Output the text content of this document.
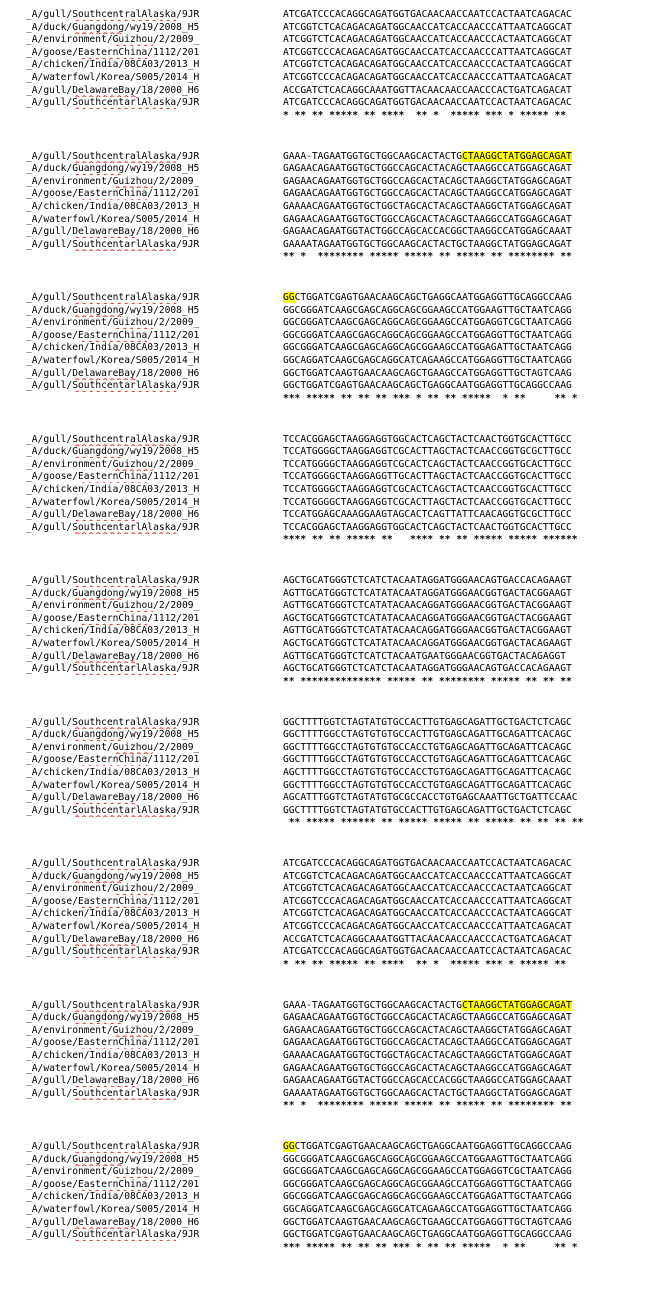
_A/gull/SouthcentralAlaska/9JR	ATCGATCCCACAGGCAGATGGTGACAACAACCAATCCACTAATCAGACAC
_A/duck/Guangdong/wy19/2008_H5	ATCGGTCTCACAGACAGATGGCAACCATCACCAACCCATTAATCAGGCAT
_A/environment/Guizhou/2/2009_	ATCGGTCTCACAGACAGATGGCAACCATCACCAACCCACTAATCAGGCAT
_A/goose/EasternChina/1112/201	ATCGGTCCCACAGACAGATGGCAACCATCACCAACCCATTAATCAGGCAT
_A/chicken/India/08CA03/2013_H	ATCGGTCTCACAGACAGATGGCAACCATCACCAACCCACTAATCAGGCAT
_A/waterfowl/Korea/S005/2014_H	ATCGGTCCCACAGACAGATGGCAACCATCACCAACCCATTAATCAGACAT
_A/gull/DelawareBay/18/2000_H6	ACCGATCTCACAGGCAAATGGTTACAACAACCAACCCACTGATCAGACAT
_A/gull/SouthcentarlAlaska/9JR	ATCGATCCCACAGGCAGATGGTGACAACAACCAATCCACTAATCAGACAC
* ** ** ***** ** ****  ** *  ***** *** * ***** **
_A/gull/SouthcentralAlaska/9JR	GAAA-TAGAATGGTGCTGGCAAGCACTACTGCTAAGGCTATGGAGCAGAT
_A/duck/Guangdong/wy19/2008_H5	GAGAACAGAATGGTGCTGGCCAGCACTACAGCTAAGGCCATGGAGCAGAT
_A/environment/Guizhou/2/2009_	GAGAACAGAATGGTGCTGGCCAGCACTACAGCTAAGGCTATGGAGCAGAT
_A/goose/EasternChina/1112/201	GAGAACAGAATGGTGCTGGCCAGCACTACAGCTAAGGCCATGGAGCAGAT
_A/chicken/India/08CA03/2013_H	GAAAACAGAATGGTGCTGGCTAGCACTACAGCTAAGGCTATGGAGCAGAT
_A/waterfowl/Korea/S005/2014_H	GAGAACAGAATGGTGCTGGCCAGCACTACAGCTAAGGCCATGGAGCAGAT
_A/gull/DelawareBay/18/2000_H6	GAGAACAGAATGGTACTGGCCAGCACCACGGCTAAGGCCATGGAGCAAAT
_A/gull/SouthcentarlAlaska/9JR	GAAAATAGAATGGTGCTGGCAAGCACTACTGCTAAGGCTATGGAGCAGAT
** *  ******** ***** ***** ** ***** ** ******** **
_A/gull/SouthcentralAlaska/9JR	GGCTGGATCGAGTGAACAAGCAGCTGAGGCAATGGAGGTTGCAGGCCAAG
_A/duck/Guangdong/wy19/2008_H5	GGCGGGATCAAGCGAGCAGGCAGCGGAAGCCATGGAAGTTGCTAATCAGG
_A/environment/Guizhou/2/2009_	GGCGGGATCAAGCGAGCAGGCAGCGGAAGCCATGGAGGTCGCTAATCAGG
_A/goose/EasternChina/1112/201	GGCGGGATCAAGCGAGCAGGCAGCGGAAGCCATGGAGGTTGCTAATCAGG
_A/chicken/India/08CA03/2013_H	GGCGGGATCAAGCGAGCAGGCAGCGGAAGCCATGGAGATTGCTAATCAGG
_A/waterfowl/Korea/S005/2014_H	GGCAGGATCAAGCGAGCAGGCATCAGAAGCCATGGAGGTTGCTAATCAGG
_A/gull/DelawareBay/18/2000_H6	GGCTGGATCAAGTGAACAAGCAGCTGAAGCCATGGAGGTTGCTAGTCAAG
_A/gull/SouthcentarlAlaska/9JR	GGCTGGATCGAGTGAACAAGCAGCTGAGGCAATGGAGGTTGCAGGCCAAG
*** ***** ** ** ** *** * ** ** *****  * **     ** *
_A/gull/SouthcentralAlaska/9JR	TCCACGGAGCTAAGGAGGTGGCACTCAGCTACTCAACTGGTGCACTTGCC
_A/duck/Guangdong/wy19/2008_H5	TCCATGGGGCTAAGGAGGTCGCACTTAGCTACTCAACCGGTGCGCTTGCC
_A/environment/Guizhou/2/2009_	TCCATGGGGCTAAGGAGGTCGCACTCAGCTACTCAACCGGTGCACTTGCC
_A/goose/EasternChina/1112/201	TCCATGGGGCTAAGGAGGTTGCACTTAGCTACTCAACCGGTGCACTTGCC
_A/chicken/India/08CA03/2013_H	TCCATGGGGCTAAGGAGGTCGCACTCAGCTACTCAACCGGTGCACTTGCC
_A/waterfowl/Korea/S005/2014_H	TCCATGGGGCTAAGGAGGTCGCACTTAGCTACTCAACCGGTGCACTTGCC
_A/gull/DelawareBay/18/2000_H6	TCCATGGAGCAAAGGAAGTAGCACTCAGTTATTCAACAGGTGCGCTTGCC
_A/gull/SouthcentarlAlaska/9JR	TCCACGGAGCTAAGGAGGTGGCACTCAGCTACTCAACTGGTGCACTTGCC
**** ** ** ***** **   **** ** ** ***** ***** ******
_A/gull/SouthcentralAlaska/9JR	AGCTGCATGGGTCTCATCTACAATAGGATGGGAACAGTGACCACAGAAGT
_A/duck/Guangdong/wy19/2008_H5	AGTTGCATGGGTCTCATATACAATAGGATGGGAACGGTGACTACGGAAGT
_A/environment/Guizhou/2/2009_	AGTTGCATGGGTCTCATATACAACAGGATGGGAACGGTGACTACGGAAGT
_A/goose/EasternChina/1112/201	AGCTGCATGGGTCTCATATACAACAGGATGGGAACGGTGACTACGGAAGT
_A/chicken/India/08CA03/2013_H	AGTTGCATGGGTCTCATATACAACAGGATGGGAACGGTGACTACGGAAGT
_A/waterfowl/Korea/S005/2014_H	AGCTGCATGGGTCTCATATACAACAGGATGGGAACGGTGACTACAGAAGT
_A/gull/DelawareBay/18/2000_H6	AGTTGCATGGGTCTCATCTACAATGAATGGGAACGGTGACTACAGAGGT
_A/gull/SouthcentarlAlaska/9JR	AGCTGCATGGGTCTCATCTACAATAGGATGGGAACAGTGACCACAGAAGT
** ************** ***** ** ******** ***** ** ** **
_A/gull/SouthcentralAlaska/9JR	GGCTTTTGGTCTAGTATGTGCCACTTGTGAGCAGATTGCTGACTCTCAGC
_A/duck/Guangdong/wy19/2008_H5	GGCTTTTGGCCTAGTGTGTGCCACTTGTGAGCAGATTGCAGATTCACAGC
_A/environment/Guizhou/2/2009_	GGCTTTTGGCCTAGTGTGTGCCACCTGTGAGCAGATTGCAGATTCACAGC
_A/goose/EasternChina/1112/201	GGCTTTTGGCCTAGTGTGTGCCACCTGTGAGCAGATTGCAGATTCACAGC
_A/chicken/India/08CA03/2013_H	AGCTTTTGGCCTAGTGTGTGCCACCTGTGAGCAGATTGCAGATTCACAGC
_A/waterfowl/Korea/S005/2014_H	GGCTTTTGGCCTAGTGTGTGCCACCTGTGAGCAGATTGCAGATTCACAGC
_A/gull/DelawareBay/18/2000_H6	AGCATTTGGTCTAGTATGTGCGCCACCTGTGAGCAAATTGCTGATTCCAAC
_A/gull/SouthcentarlAlaska/9JR	GGCTTTTGGTCTAGTATGTGCCACTTGTGAGCAGATTGCTGACTCTCAGC
** ***** ****** ** ***** ***** ** ***** ** ** ** **
_A/gull/SouthcentralAlaska/9JR	ATCGATCCCACAGGCAGATGGTGACAACAACCAATCCACTAATCAGACAC
_A/duck/Guangdong/wy19/2008_H5	ATCGGTCTCACAGACAGATGGCAACCATCACCAACCCATTAATCAGGCAT
_A/environment/Guizhou/2/2009_	ATCGGTCTCACAGACAGATGGCAACCATCACCAACCCACTAATCAGGCAT
_A/goose/EasternChina/1112/201	ATCGGTCCCACAGACAGATGGCAACCATCACCAACCCATTAATCAGGCAT
_A/chicken/India/08CA03/2013_H	ATCGGTCTCACAGACAGATGGCAACCATCACCAACCCACTAATCAGGCAT
_A/waterfowl/Korea/S005/2014_H	ATCGGTCCCACAGACAGATGGCAACCATCACCAACCCATTAATCAGACAT
_A/gull/DelawareBay/18/2000_H6	ACCGATCTCACAGGCAAATGGTTACAACAACCAACCCACTGATCAGACAT
_A/gull/SouthcentarlAlaska/9JR	ATCGATCCCACAGGCAGATGGTGACAACAACCAATCCACTAATCAGACAC
* ** ** ***** ** ****  ** *  ***** *** * ***** **
_A/gull/SouthcentralAlaska/9JR	GAAA-TAGAATGGTGCTGGCAAGCACTACTGCTAAGGCTATGGAGCAGAT
_A/duck/Guangdong/wy19/2008_H5	GAGAACAGAATGGTGCTGGCCAGCACTACAGCTAAGGCCATGGAGCAGAT
_A/environment/Guizhou/2/2009_	GAGAACAGAATGGTGCTGGCCAGCACTACAGCTAAGGCTATGGAGCAGAT
_A/goose/EasternChina/1112/201	GAGAACAGAATGGTGCTGGCCAGCACTACAGCTAAGGCCATGGAGCAGAT
_A/chicken/India/08CA03/2013_H	GAAAACAGAATGGTGCTGGCTAGCACTACAGCTAAGGCTATGGAGCAGAT
_A/waterfowl/Korea/S005/2014_H	GAGAACAGAATGGTGCTGGCCAGCACTACAGCTAAGGCCATGGAGCAGAT
_A/gull/DelawareBay/18/2000_H6	GAGAACAGAATGGTACTGGCCAGCACCACGGCTAAGGCCATGGAGCAAAT
_A/gull/SouthcentarlAlaska/9JR	GAAAATAGAATGGTGCTGGCAAGCACTACTGCTAAGGCTATGGAGCAGAT
** *  ******** ***** ***** ** ***** ** ******** **
_A/gull/SouthcentralAlaska/9JR	GGCTGGATCGAGTGAACAAGCAGCTGAGGCAATGGAGGTTGCAGGCCAAG
_A/duck/Guangdong/wy19/2008_H5	GGCGGGATCAAGCGAGCAGGCAGCGGAAGCCATGGAAGTTGCTAATCAGG
_A/environment/Guizhou/2/2009_	GGCGGGATCAAGCGAGCAGGCAGCGGAAGCCATGGAGGTCGCTAATCAGG
_A/goose/EasternChina/1112/201	GGCGGGATCAAGCGAGCAGGCAGCGGAAGCCATGGAGGTTGCTAATCAGG
_A/chicken/India/08CA03/2013_H	GGCGGGATCAAGCGAGCAGGCAGCGGAAGCCATGGAGATTGCTAATCAGG
_A/waterfowl/Korea/S005/2014_H	GGCAGGATCAAGCGAGCAGGCATCAGAAGCCATGGAGGTTGCTAATCAGG
_A/gull/DelawareBay/18/2000_H6	GGCTGGATCAAGTGAACAAGCAGCTGAAGCCATGGAGGTTGCTAGTCAAG
_A/gull/SouthcentarlAlaska/9JR	GGCTGGATCGAGTGAACAAGCAGCTGAGGCAATGGAGGTTGCAGGCCAAG
*** ***** ** ** ** *** * ** ** *****  * **     ** *
